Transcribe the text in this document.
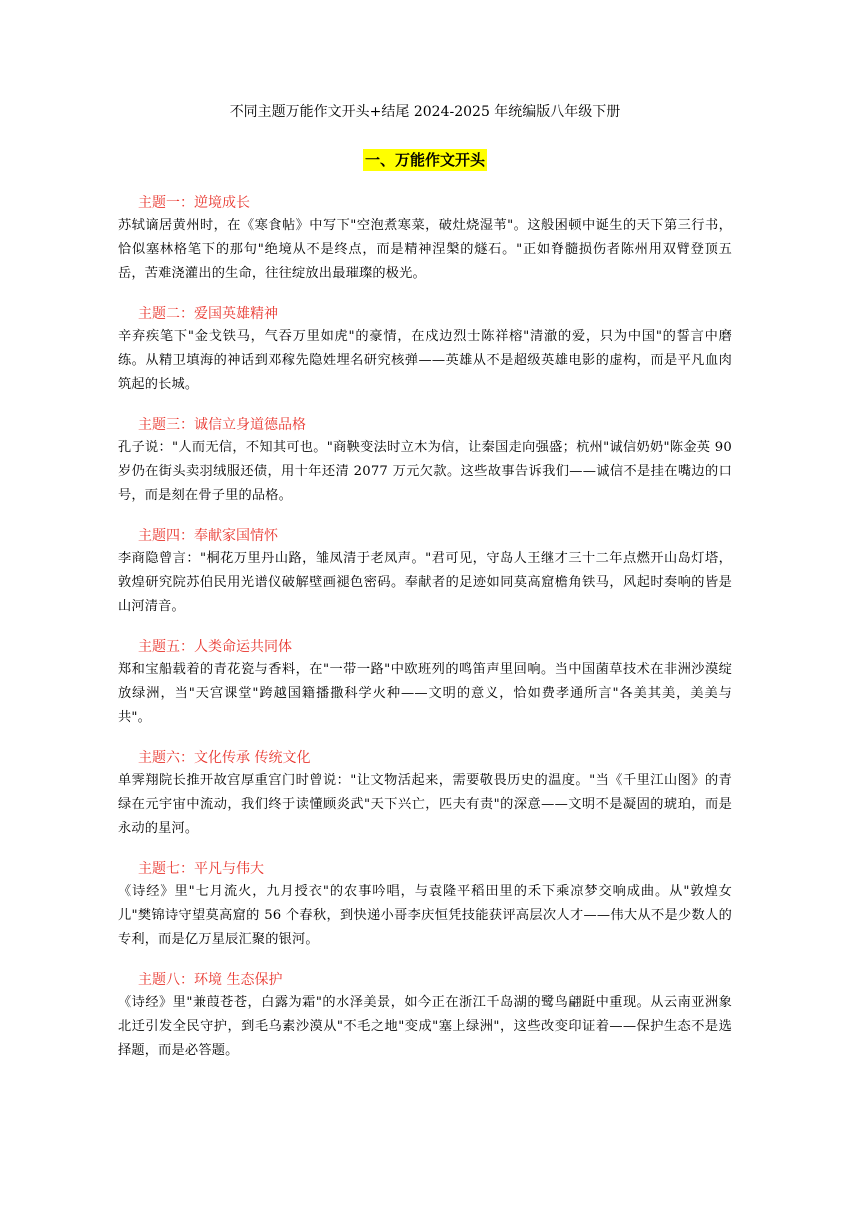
不同主题万能作文开头+结尾 2024-2025 年统编版八年级下册

一、万能作文开头

主题一：逆境成长

苏轼谪居黄州时，在《寒食帖》中写下"空泡煮寒菜，破灶烧湿苇"。这般困顿中诞生的天下第三行书，恰似塞林格笔下的那句"绝境从不是终点，而是精神涅槃的燧石。"正如脊髓损伤者陈州用双臂登顶五岳，苦难浇灌出的生命，往往绽放出最璀璨的极光。

主题二：爱国英雄精神

辛弃疾笔下"金戈铁马，气吞万里如虎"的豪情，在戍边烈士陈祥榕"清澈的爱，只为中国"的誓言中磨练。从精卫填海的神话到邓稼先隐姓埋名研究核弹——英雄从不是超级英雄电影的虚构，而是平凡血肉筑起的长城。

主题三：诚信立身道德品格

孔子说："人而无信，不知其可也。"商鞅变法时立木为信，让秦国走向强盛；杭州"诚信奶奶"陈金英 90 岁仍在街头卖羽绒服还债，用十年还清 2077 万元欠款。这些故事告诉我们——诚信不是挂在嘴边的口号，而是刻在骨子里的品格。

主题四：奉献家国情怀

李商隐曾言："桐花万里丹山路，雏凤清于老凤声。"君可见，守岛人王继才三十二年点燃开山岛灯塔，敦煌研究院苏伯民用光谱仪破解壁画褪色密码。奉献者的足迹如同莫高窟檐角铁马，风起时奏响的皆是山河清音。

主题五：人类命运共同体

郑和宝船载着的青花瓷与香料，在"一带一路"中欧班列的鸣笛声里回响。当中国菌草技术在非洲沙漠绽放绿洲，当"天宫课堂"跨越国籍播撒科学火种——文明的意义，恰如费孝通所言"各美其美，美美与共"。

主题六：文化传承 传统文化

单霁翔院长推开故宫厚重宫门时曾说："让文物活起来，需要敬畏历史的温度。"当《千里江山图》的青绿在元宇宙中流动，我们终于读懂顾炎武"天下兴亡，匹夫有责"的深意——文明不是凝固的琥珀，而是永动的星河。

主题七：平凡与伟大

《诗经》里"七月流火，九月授衣"的农事吟唱，与袁隆平稻田里的禾下乘凉梦交响成曲。从"敦煌女儿"樊锦诗守望莫高窟的 56 个春秋，到快递小哥李庆恒凭技能获评高层次人才——伟大从不是少数人的专利，而是亿万星辰汇聚的银河。

主题八：环境 生态保护

《诗经》里"兼葭苍苍，白露为霜"的水泽美景，如今正在浙江千岛湖的鹭鸟翩跹中重现。从云南亚洲象北迁引发全民守护，到毛乌素沙漠从"不毛之地"变成"塞上绿洲"，这些改变印证着——保护生态不是选择题，而是必答题。
